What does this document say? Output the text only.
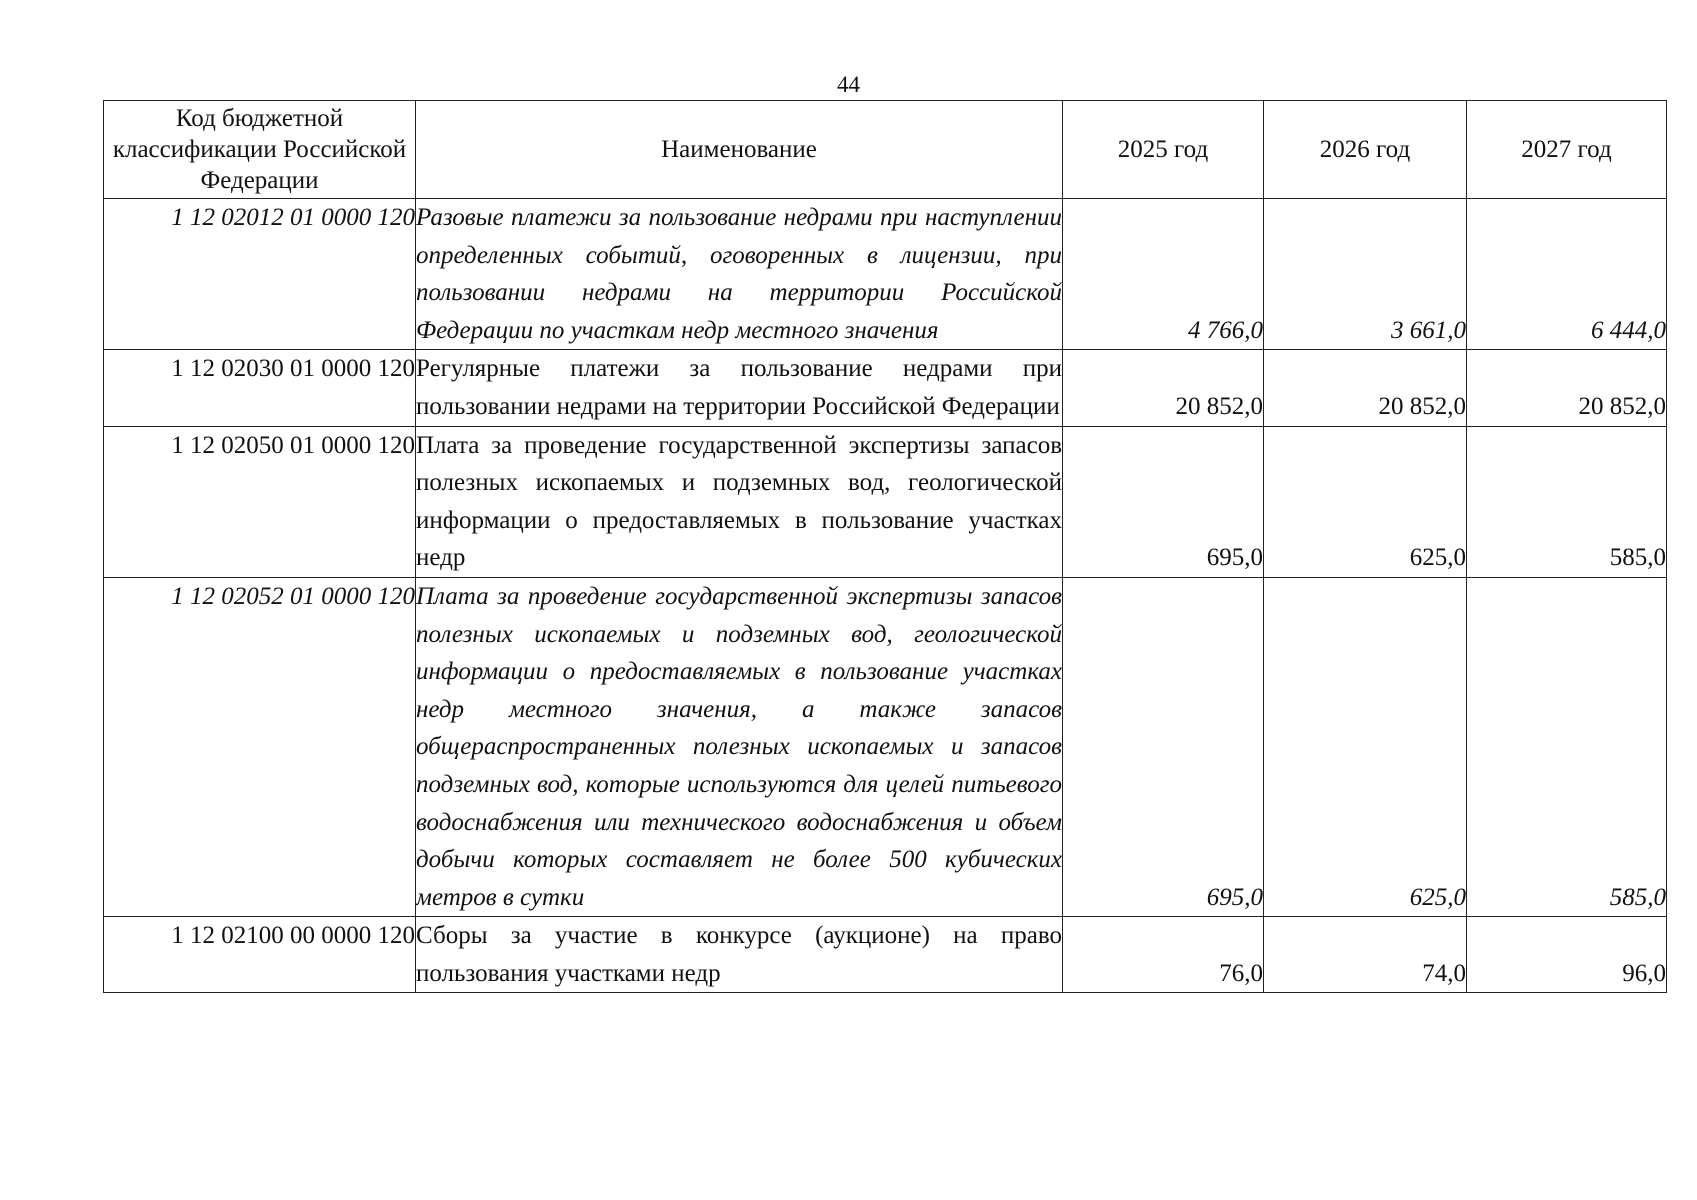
44
Код бюджетной классификации Российской Федерации	Наименование	2025 год	2026 год	2027 год
1 12 02012 01 0000 120	Разовые платежи за пользование недрами при наступлении определенных событий, оговоренных в лицензии, при пользовании недрами на территории Российской Федерации по участкам недр местного значения	4 766,0	3 661,0	6 444,0
1 12 02030 01 0000 120	Регулярные платежи за пользование недрами при пользовании недрами на территории Российской Федерации	20 852,0	20 852,0	20 852,0
1 12 02050 01 0000 120	Плата за проведение государственной экспертизы запасов полезных ископаемых и подземных вод, геологической информации о предоставляемых в пользование участках недр	695,0	625,0	585,0
1 12 02052 01 0000 120	Плата за проведение государственной экспертизы запасов полезных ископаемых и подземных вод, геологической информации о предоставляемых в пользование участках недр местного значения, а также запасов общераспространенных полезных ископаемых и запасов подземных вод, которые используются для целей питьевого водоснабжения или технического водоснабжения и объем добычи которых составляет не более 500 кубических метров в сутки	695,0	625,0	585,0
1 12 02100 00 0000 120	Сборы за участие в конкурсе (аукционе) на право пользования участками недр	76,0	74,0	96,0
